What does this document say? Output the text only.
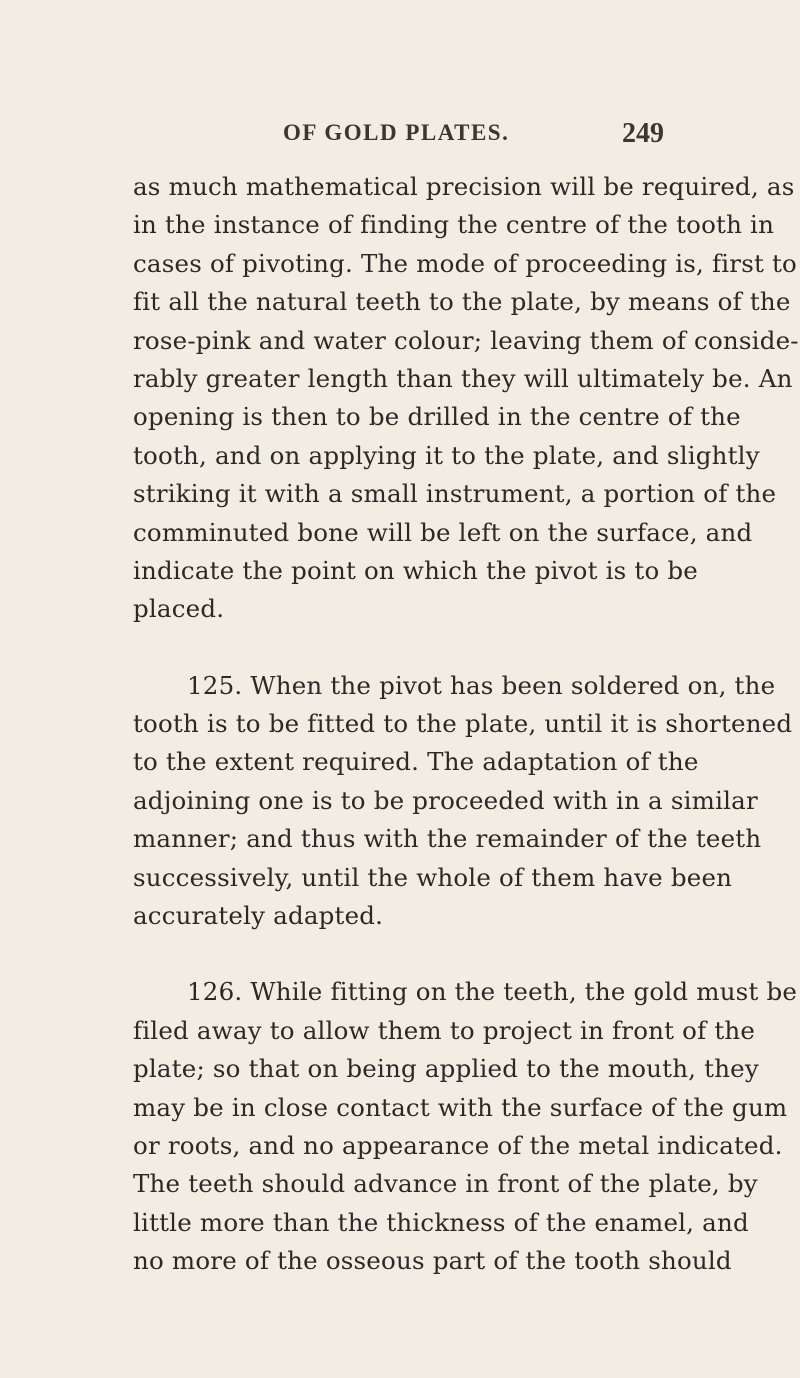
OF GOLD PLATES.	249
as much mathematical precision will be required, as
in the instance of finding the centre of the tooth in
cases of pivoting. The mode of proceeding is, first to
fit all the natural teeth to the plate, by means of the
rose-pink and water colour; leaving them of conside-
rably greater length than they will ultimately be. An
opening is then to be drilled in the centre of the
tooth, and on applying it to the plate, and slightly
striking it with a small instrument, a portion of the
comminuted bone will be left on the surface, and
indicate the point on which the pivot is to be
placed.
125. When the pivot has been soldered on, the
tooth is to be fitted to the plate, until it is shortened
to the extent required. The adaptation of the
adjoining one is to be proceeded with in a similar
manner; and thus with the remainder of the teeth
successively, until the whole of them have been
accurately adapted.
126. While fitting on the teeth, the gold must be
filed away to allow them to project in front of the
plate; so that on being applied to the mouth, they
may be in close contact with the surface of the gum
or roots, and no appearance of the metal indicated.
The teeth should advance in front of the plate, by
little more than the thickness of the enamel, and
no more of the osseous part of the tooth should
